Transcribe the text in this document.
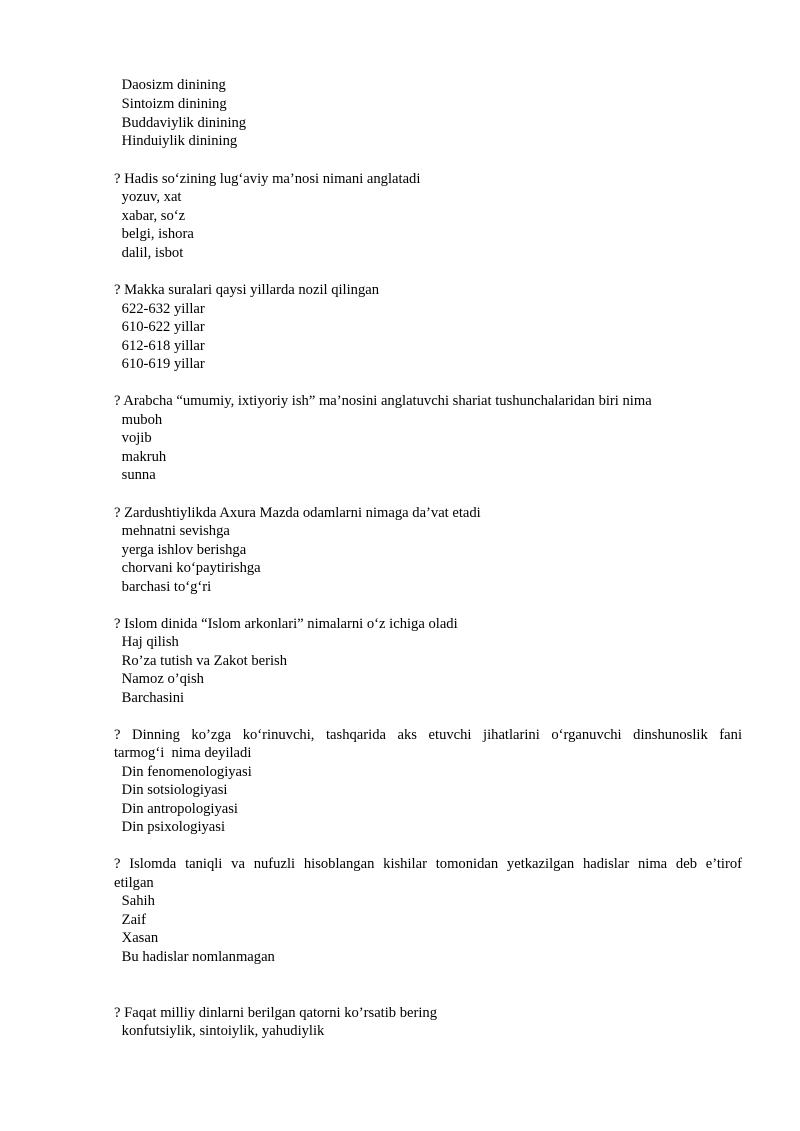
Daosizm dinining
Sintoizm dinining
Buddaviylik dinining
Hinduiylik dinining
? Hadis so‘zining lug‘aviy ma’nosi nimani anglatadi
yozuv, xat
xabar, so‘z
belgi, ishora
dalil, isbot
? Makka suralari qaysi yillarda nozil qilingan
622-632 yillar
610-622 yillar
612-618 yillar
610-619 yillar
? Arabcha “umumiy, ixtiyoriy ish” ma’nosini anglatuvchi shariat tushunchalaridan biri nima
muboh
vojib
makruh
sunna
? Zardushtiylikda Axura Mazda odamlarni nimaga da’vat etadi
mehnatni sevishga
yerga ishlov berishga
chorvani ko‘paytirishga
barchasi to‘g‘ri
? Islom dinida “Islom arkonlari” nimalarni o‘z ichiga oladi
Haj qilish
Ro’za tutish va Zakot berish
Namoz o’qish
Barchasini
? Dinning ko’zga ko‘rinuvchi, tashqarida aks etuvchi jihatlarini o‘rganuvchi dinshunoslik fani
tarmog‘i  nima deyiladi
Din fenomenologiyasi
Din sotsiologiyasi
Din antropologiyasi
Din psixologiyasi
? Islomda taniqli va nufuzli hisoblangan kishilar tomonidan yetkazilgan hadislar nima deb e’tirof
etilgan
Sahih
Zaif
Xasan
Bu hadislar nomlanmagan
? Faqat milliy dinlarni berilgan qatorni ko’rsatib bering
konfutsiylik, sintoiylik, yahudiylik
